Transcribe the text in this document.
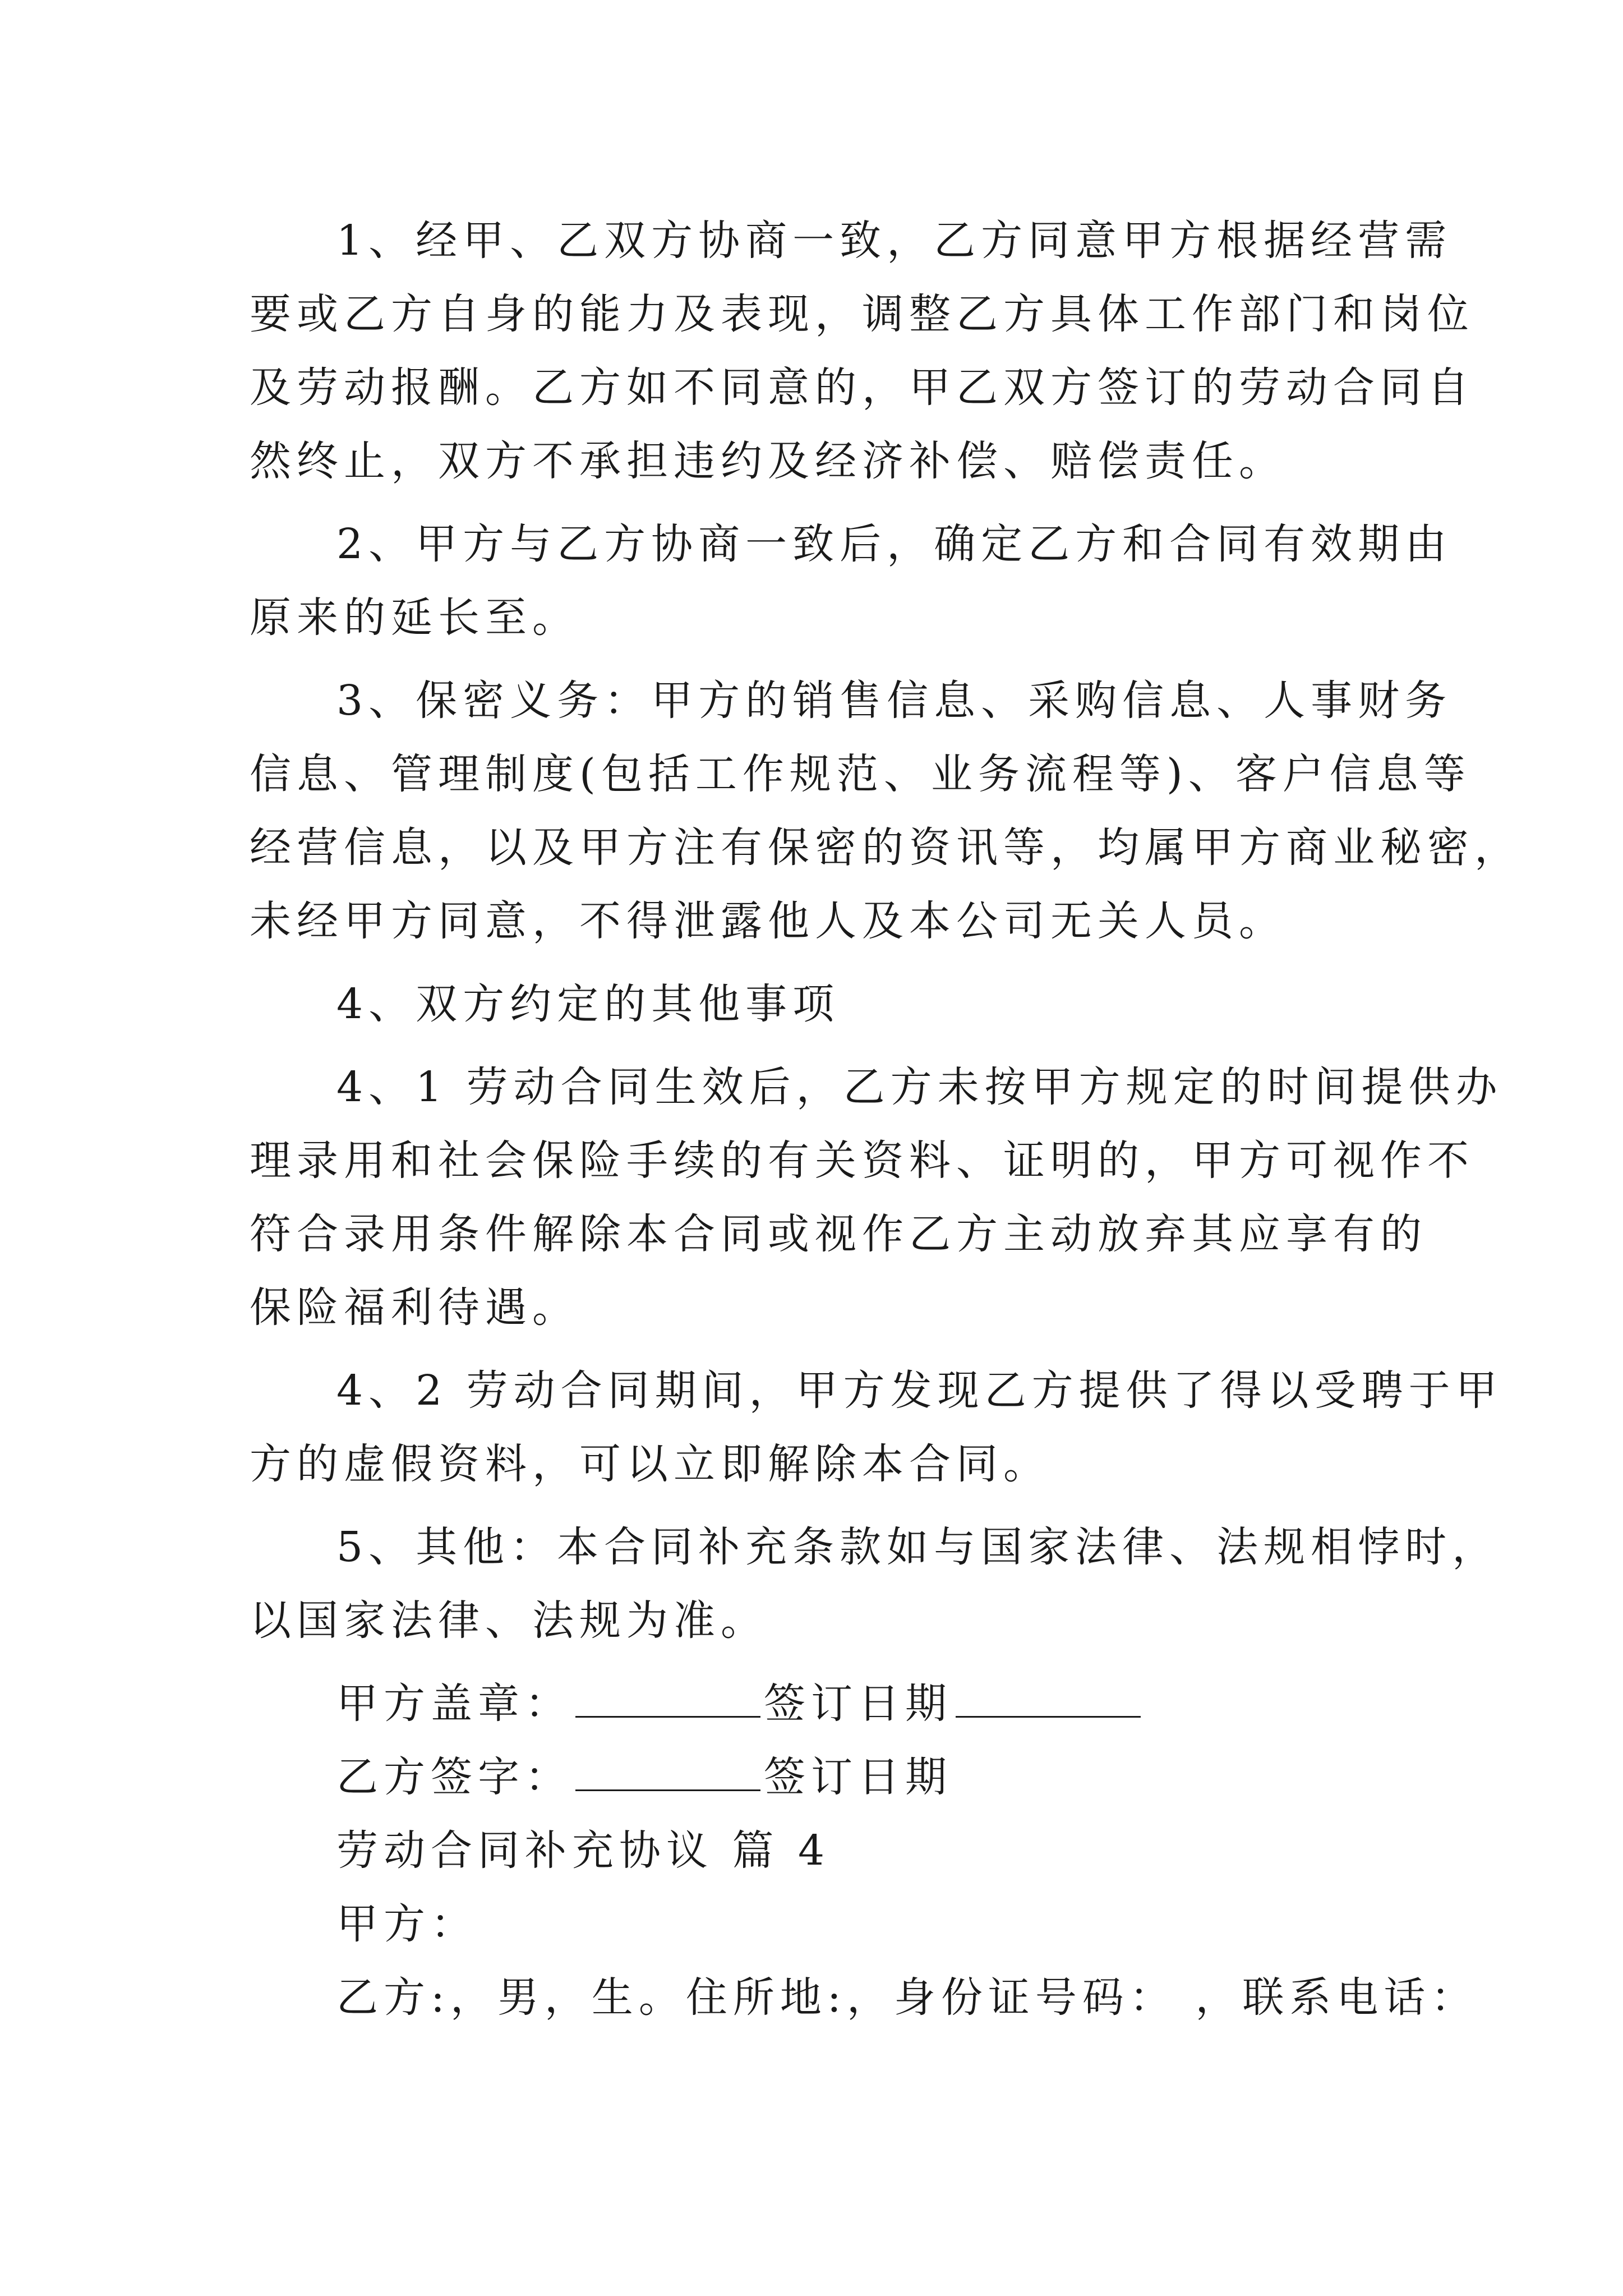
1、经甲、乙双方协商一致，乙方同意甲方根据经营需
要或乙方自身的能力及表现，调整乙方具体工作部门和岗位
及劳动报酬。乙方如不同意的，甲乙双方签订的劳动合同自
然终止，双方不承担违约及经济补偿、赔偿责任。
2、甲方与乙方协商一致后，确定乙方和合同有效期由
原来的延长至。
3、保密义务：甲方的销售信息、采购信息、人事财务
信息、管理制度(包括工作规范、业务流程等)、客户信息等
经营信息，以及甲方注有保密的资讯等，均属甲方商业秘密，
未经甲方同意，不得泄露他人及本公司无关人员。
4、双方约定的其他事项
4、1 劳动合同生效后，乙方未按甲方规定的时间提供办
理录用和社会保险手续的有关资料、证明的，甲方可视作不
符合录用条件解除本合同或视作乙方主动放弃其应享有的
保险福利待遇。
4、2 劳动合同期间，甲方发现乙方提供了得以受聘于甲
方的虚假资料，可以立即解除本合同。
5、其他：本合同补充条款如与国家法律、法规相悖时，
以国家法律、法规为准。
甲方盖章：	签订日期
乙方签字：	签订日期
劳动合同补充协议 篇 4
甲方：
乙方:，男，生。住所地:，身份证号码： ，联系电话：
